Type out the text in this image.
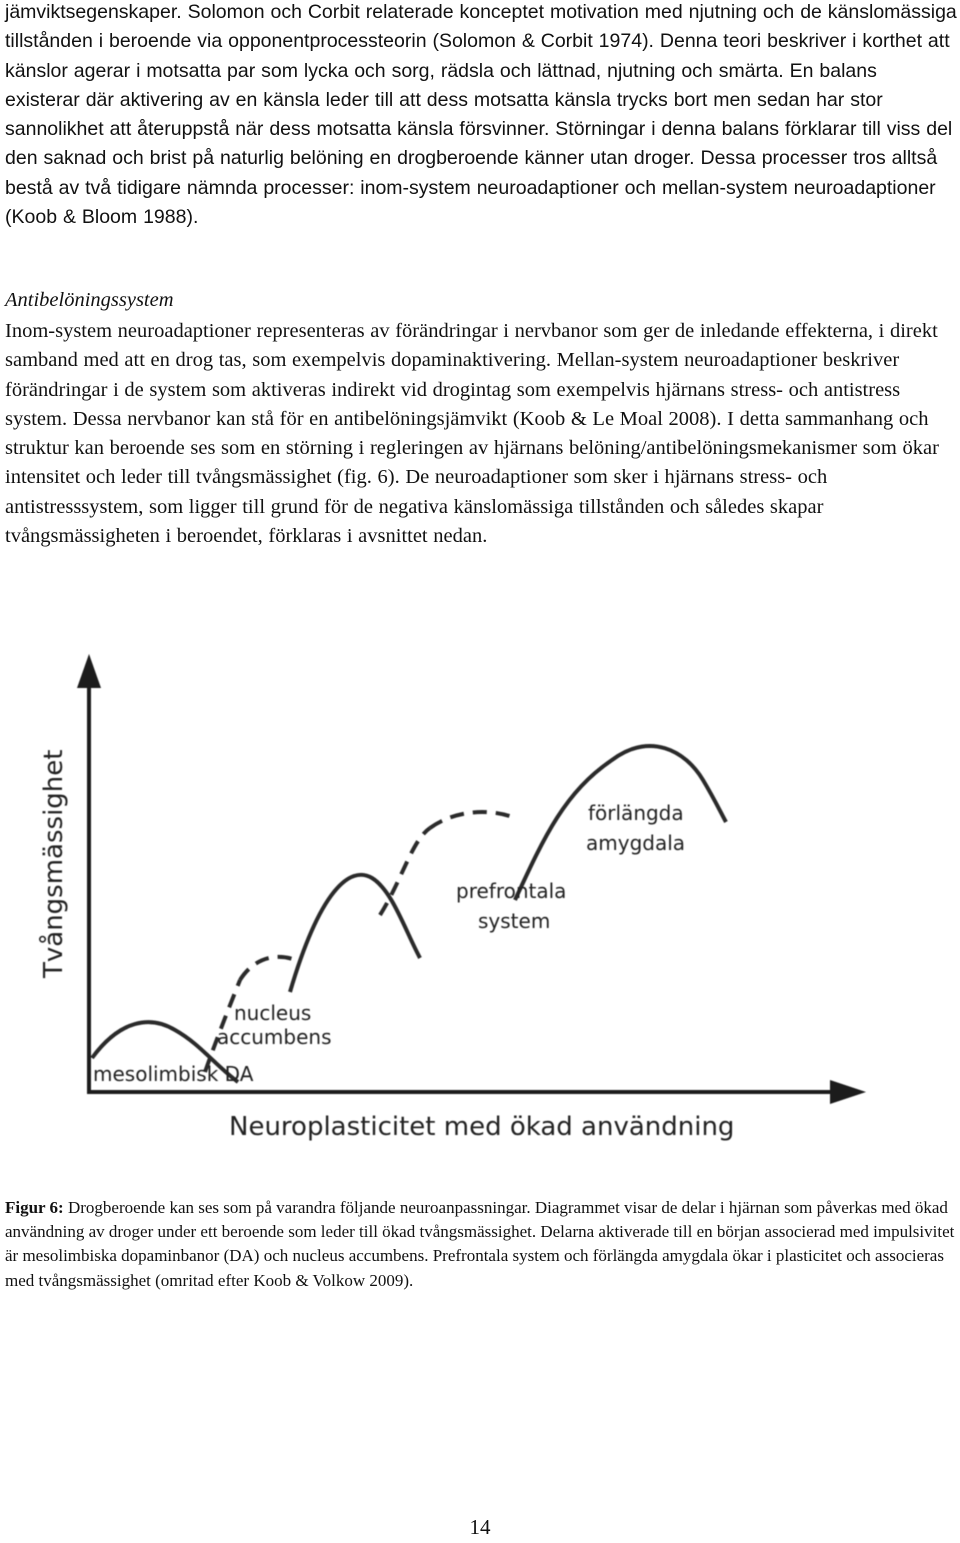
jämviktsegenskaper. Solomon och Corbit relaterade konceptet motivation med njutning och de känslomässiga tillstånden i beroende via opponentprocessteorin (Solomon & Corbit 1974). Denna teori beskriver i korthet att känslor agerar i motsatta par som lycka och sorg, rädsla och lättnad, njutning och smärta. En balans existerar där aktivering av en känsla leder till att dess motsatta känsla trycks bort men sedan har stor sannolikhet att återuppstå när dess motsatta känsla försvinner. Störningar i denna balans förklarar till viss del den saknad och brist på naturlig belöning en drogberoende känner utan droger. Dessa processer tros alltså bestå av två tidigare nämnda processer: inom-system neuroadaptioner och mellan-system neuroadaptioner (Koob & Bloom 1988).

Antibelöningssystem

Inom-system neuroadaptioner representeras av förändringar i nervbanor som ger de inledande effekterna, i direkt samband med att en drog tas, som exempelvis dopaminaktivering. Mellan-system neuroadaptioner beskriver förändringar i de system som aktiveras indirekt vid drogintag som exempelvis hjärnans stress- och antistress system. Dessa nervbanor kan stå för en antibelöningsjämvikt (Koob & Le Moal 2008). I detta sammanhang och struktur kan beroende ses som en störning i regleringen av hjärnans belöning/antibelöningsmekanismer som ökar intensitet och leder till tvångsmässighet (fig. 6). De neuroadaptioner som sker i hjärnans stress- och antistresssystem, som ligger till grund för de negativa känslomässiga tillstånden och således skapar tvångsmässigheten i beroendet, förklaras i avsnittet nedan.

Tvångsmässighet
Neuroplasticitet med ökad användning
mesolimbisk DA
nucleus
accumbens
prefrontala
system
förlängda
amygdala

Figur 6: Drogberoende kan ses som på varandra följande neuroanpassningar. Diagrammet visar de delar i hjärnan som påverkas med ökad användning av droger under ett beroende som leder till ökad tvångsmässighet. Delarna aktiverade till en början associerad med impulsivitet är mesolimbiska dopaminbanor (DA) och nucleus accumbens. Prefrontala system och förlängda amygdala ökar i plasticitet och associeras med tvångsmässighet (omritad efter Koob & Volkow 2009).

14
